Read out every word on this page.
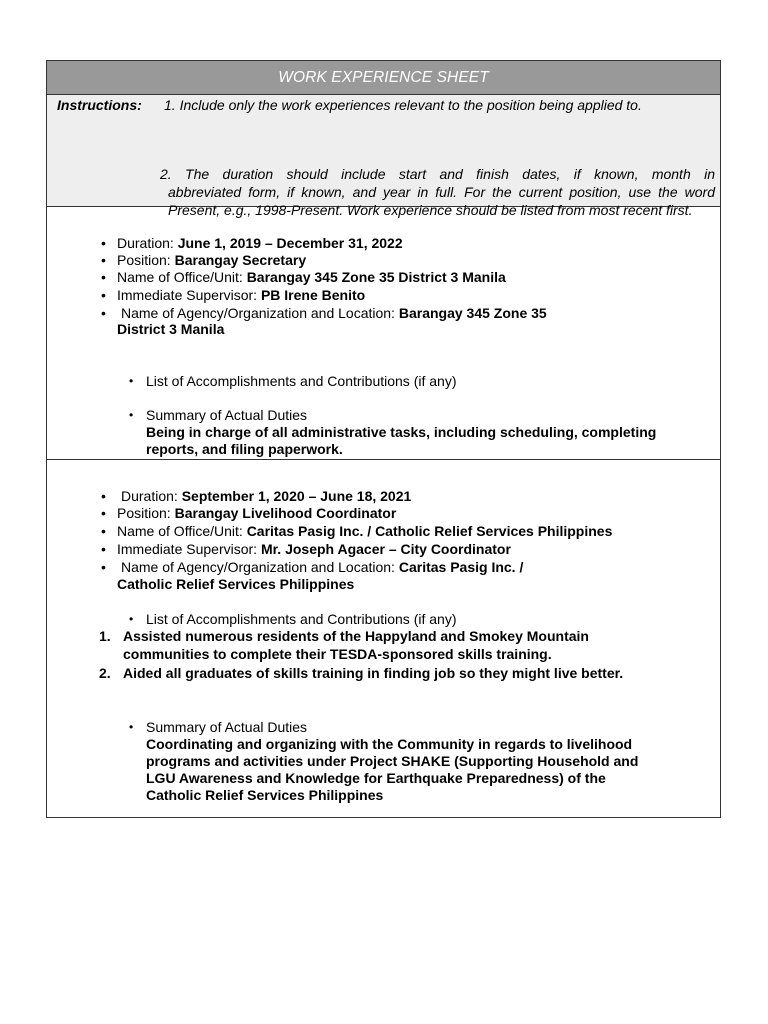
WORK EXPERIENCE SHEET
Instructions: 1. Include only the work experiences relevant to the position being applied to.
2. The duration should include start and finish dates, if known, month in
abbreviated form, if known, and year in full. For the current position, use the word Present, e.g., 1998-Present. Work experience should be listed from most recent first.
• Duration: June 1, 2019 – December 31, 2022
• Position: Barangay Secretary
• Name of Office/Unit: Barangay 345 Zone 35 District 3 Manila
• Immediate Supervisor: PB Irene Benito
• Name of Agency/Organization and Location: Barangay 345 Zone 35
District 3 Manila
• List of Accomplishments and Contributions (if any)
• Summary of Actual Duties
Being in charge of all administrative tasks, including scheduling, completing
reports, and filing paperwork.
• Duration: September 1, 2020 – June 18, 2021
• Position: Barangay Livelihood Coordinator
• Name of Office/Unit: Caritas Pasig Inc. / Catholic Relief Services Philippines
• Immediate Supervisor: Mr. Joseph Agacer – City Coordinator
• Name of Agency/Organization and Location: Caritas Pasig Inc. /
Catholic Relief Services Philippines
• List of Accomplishments and Contributions (if any)
1. Assisted numerous residents of the Happyland and Smokey Mountain
communities to complete their TESDA-sponsored skills training.
2. Aided all graduates of skills training in finding job so they might live better.
• Summary of Actual Duties
Coordinating and organizing with the Community in regards to livelihood
programs and activities under Project SHAKE (Supporting Household and
LGU Awareness and Knowledge for Earthquake Preparedness) of the
Catholic Relief Services Philippines
